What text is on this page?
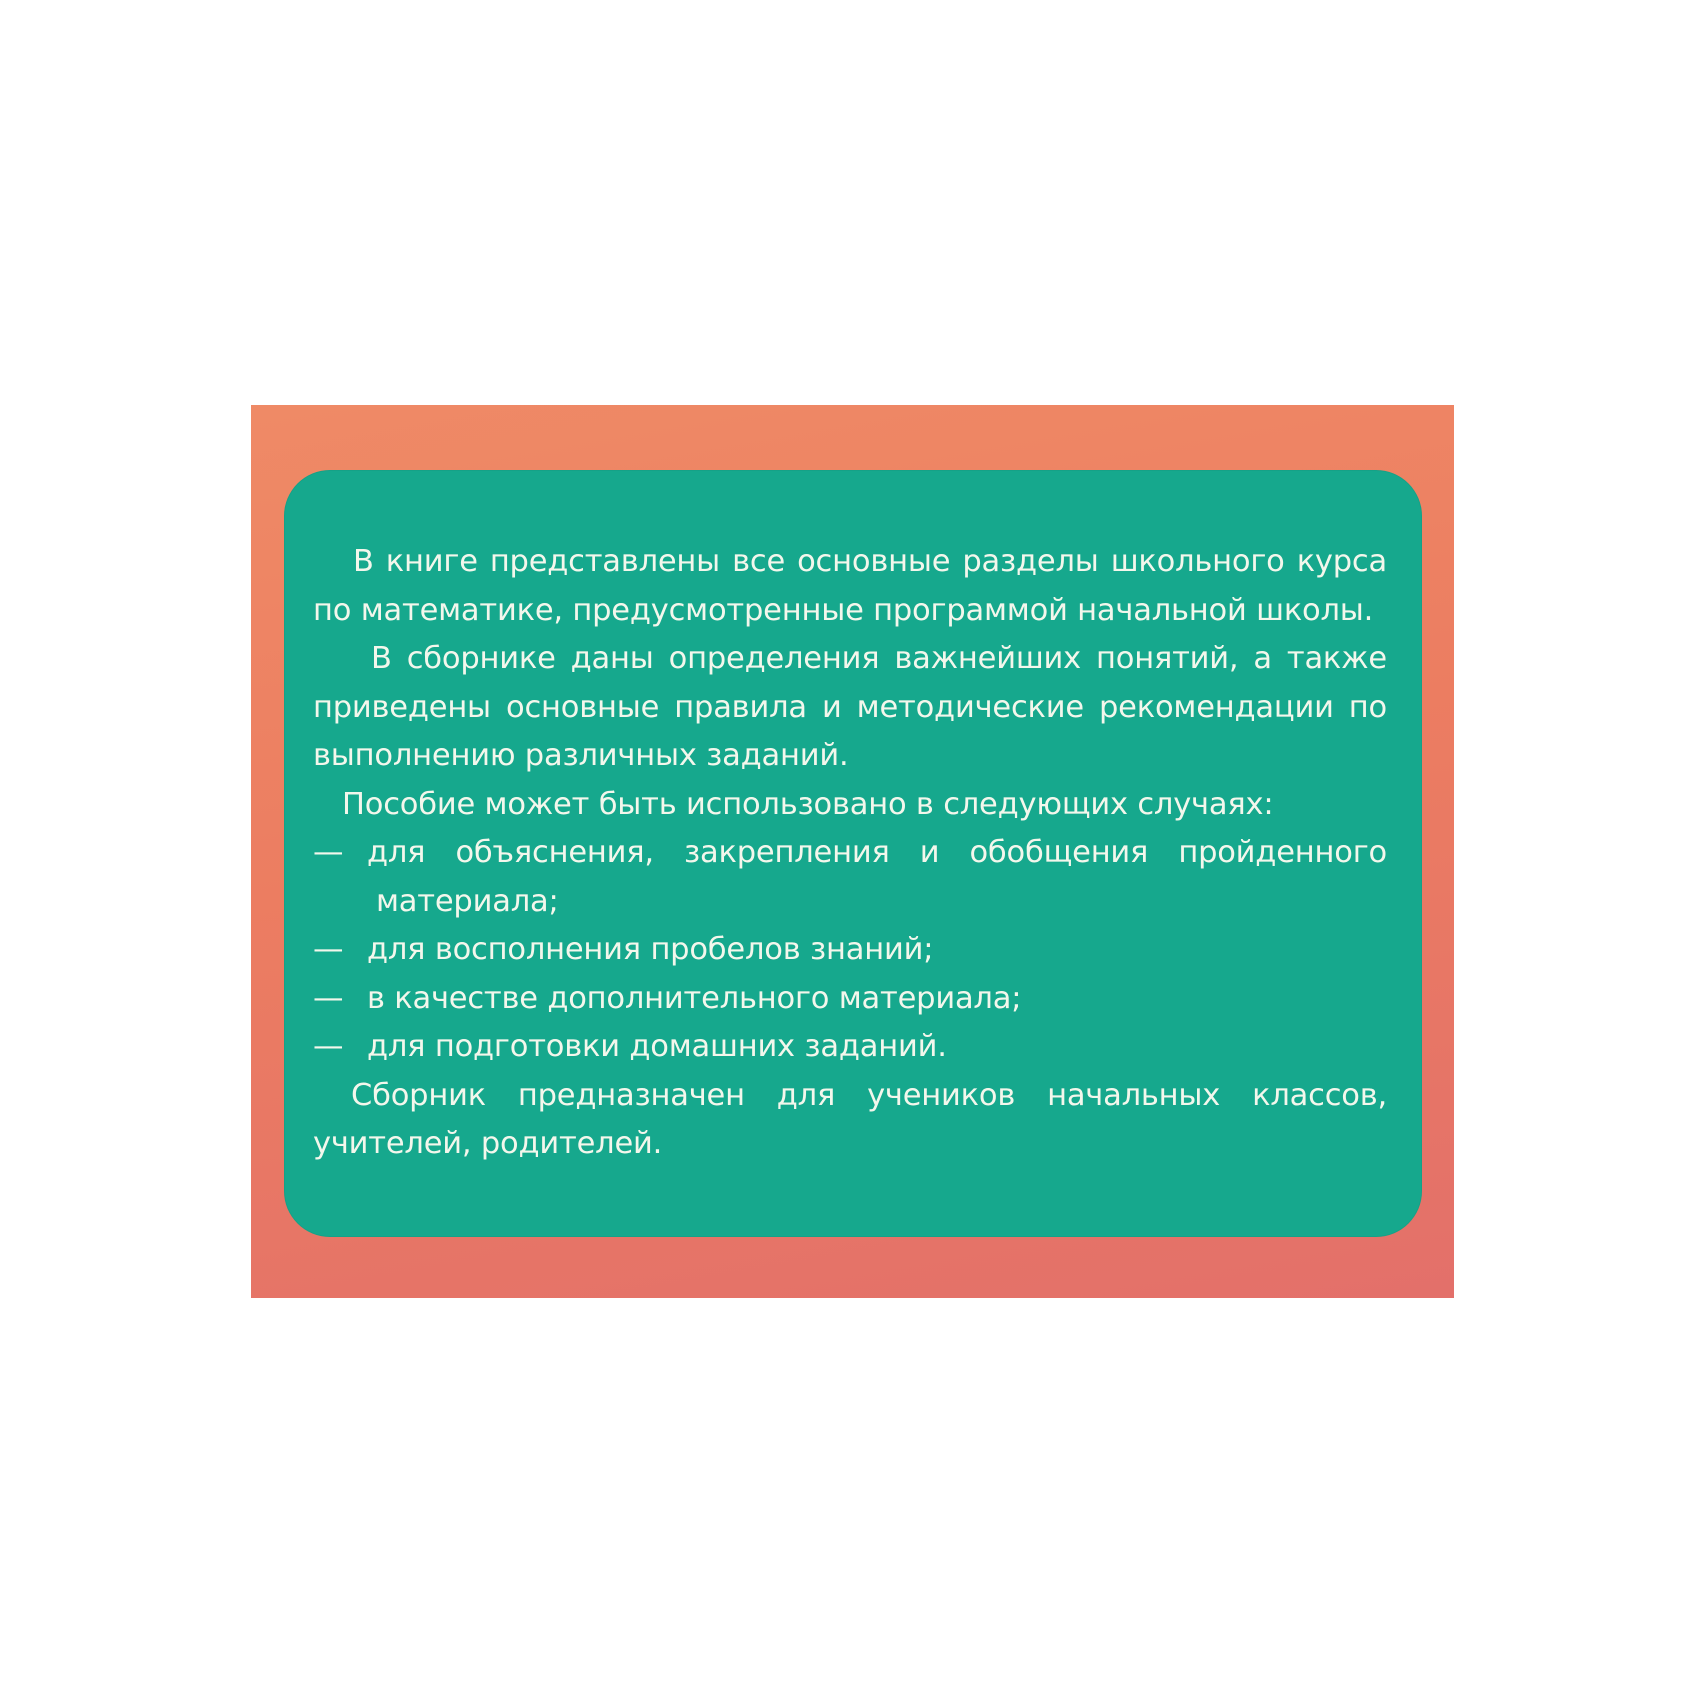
В книге представлены все основные разделы школьного курса по математике, предусмотренные программой начальной школы.

В сборнике даны определения важнейших понятий, а также приведены основные правила и методические рекомендации по выполнению различных заданий.

Пособие может быть использовано в следующих случаях:

— для объяснения, закрепления и обобщения пройденного
материала;
— для восполнения пробелов знаний;
— в качестве дополнительного материала;
— для подготовки домашних заданий.

Сборник предназначен для учеников начальных классов, учителей, родителей.
